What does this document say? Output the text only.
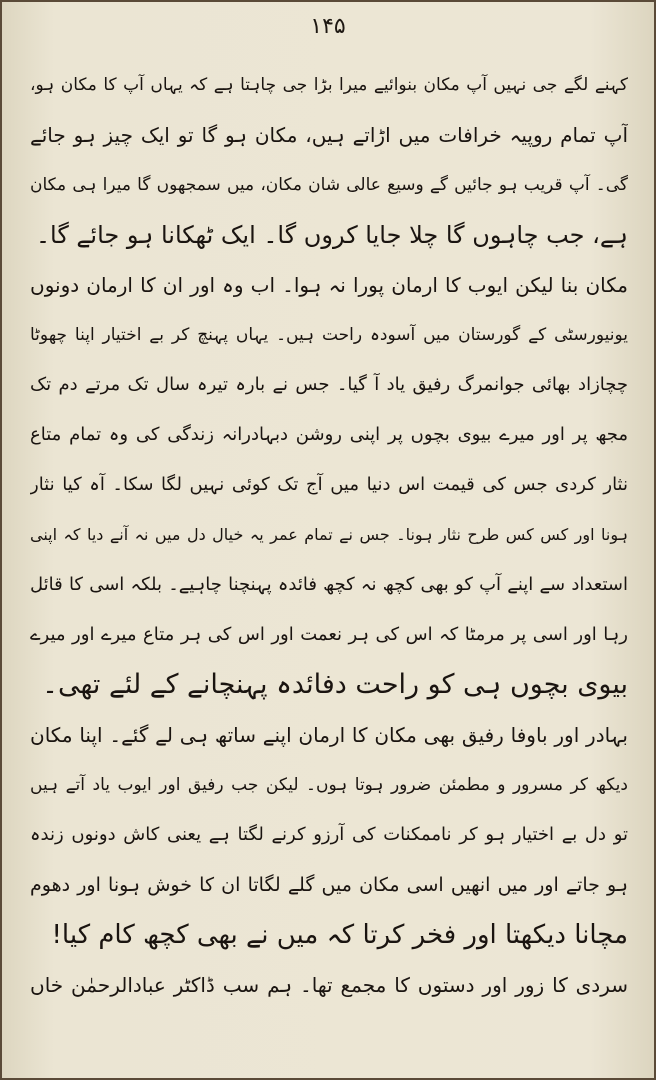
۱۴۵
کہنے لگے جی نہیں آپ مکان بنوائیے میرا بڑا جی چاہتا ہے کہ یہاں آپ کا مکان ہو،
آپ تمام روپیہ خرافات میں اڑاتے ہیں، مکان ہو گا تو ایک چیز ہو جائے
گی۔ آپ قریب ہو جائیں گے وسیع عالی شان مکان، میں سمجھوں گا میرا ہی مکان
ہے، جب چاہوں گا چلا جایا کروں گا۔ ایک ٹھکانا ہو جائے گا۔
مکان بنا لیکن ایوب کا ارمان پورا نہ ہوا۔ اب وہ اور ان کا ارمان دونوں
یونیورسٹی کے گورستان میں آسودہ راحت ہیں۔ یہاں پہنچ کر بے اختیار اپنا چھوٹا
چچازاد بھائی جوانمرگ رفیق یاد آ گیا۔ جس نے بارہ تیرہ سال تک مرتے دم تک
مجھ پر اور میرے بیوی بچوں پر اپنی روشن دبہادرانہ زندگی کی وہ تمام متاع
نثار کردی جس کی قیمت اس دنیا میں آج تک کوئی نہیں لگا سکا۔ آہ کیا نثار
ہونا اور کس کس طرح نثار ہونا۔ جس نے تمام عمر یہ خیال دل میں نہ آنے دیا کہ اپنی
استعداد سے اپنے آپ کو بھی کچھ نہ کچھ فائدہ پہنچنا چاہیے۔ بلکہ اسی کا قائل
رہا اور اسی پر مرمٹا کہ اس کی ہر نعمت اور اس کی ہر متاع میرے اور میرے
بیوی بچوں ہی کو راحت دفائدہ پہنچانے کے لئے تھی۔
بہادر اور باوفا رفیق بھی مکان کا ارمان اپنے ساتھ ہی لے گئے۔ اپنا مکان
دیکھ کر مسرور و مطمئن ضرور ہوتا ہوں۔ لیکن جب رفیق اور ایوب یاد آتے ہیں
تو دل بے اختیار ہو کر ناممکنات کی آرزو کرنے لگتا ہے یعنی کاش دونوں زندہ
ہو جاتے اور میں انھیں اسی مکان میں گلے لگاتا ان کا خوش ہونا اور دھوم
مچانا دیکھتا اور فخر کرتا کہ میں نے بھی کچھ کام کیا!
سردی کا زور اور دستوں کا مجمع تھا۔ ہم سب ڈاکٹر عبادالرحمٰن خاں
